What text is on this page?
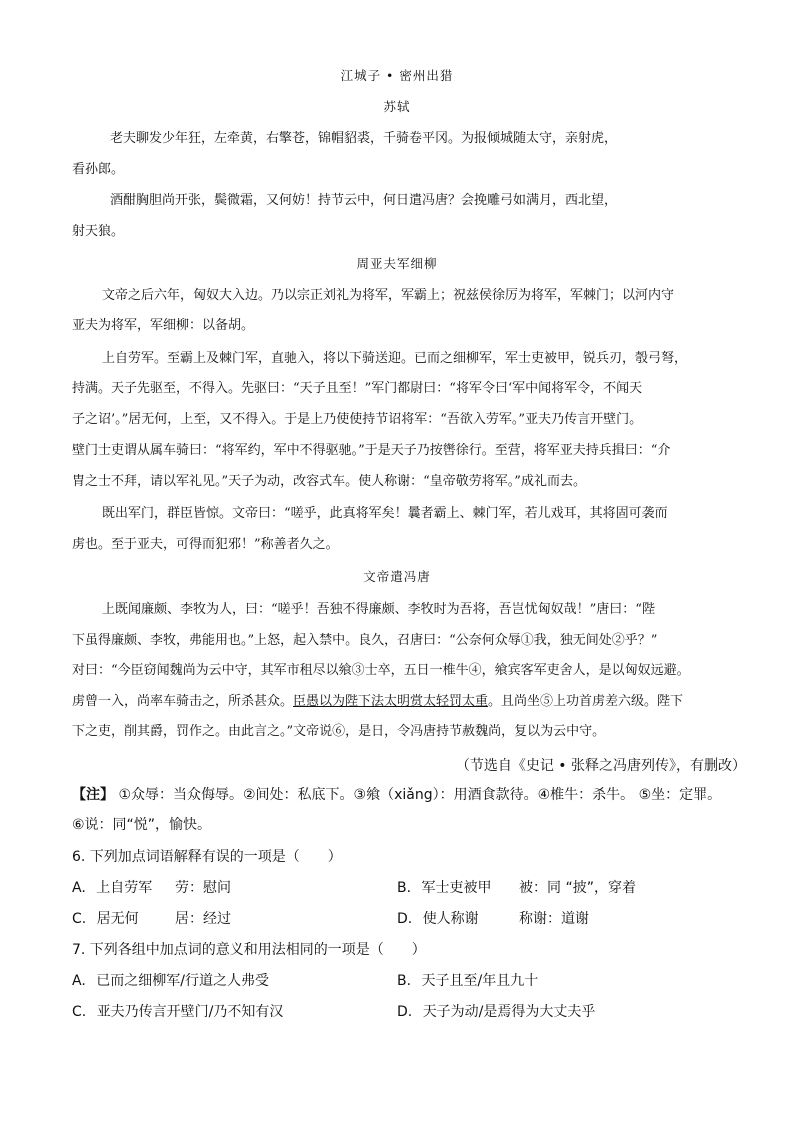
江城子 • 密州出猎
苏轼
老夫聊发少年狂，左牵黄，右擎苍，锦帽貂裘，千骑卷平冈。为报倾城随太守，亲射虎，
看孙郎。
酒酣胸胆尚开张，鬓微霜，又何妨！持节云中，何日遣冯唐？会挽雕弓如满月，西北望，
射天狼。
周亚夫军细柳
文帝之后六年，匈奴大入边。乃以宗正刘礼为将军，军霸上；祝兹侯徐厉为将军，军棘门；以河内守
亚夫为将军，军细柳：以备胡。
上自劳军。至霸上及棘门军，直驰入，将以下骑送迎。已而之细柳军，军士吏被甲，锐兵刃，彀弓弩，
持满。天子先驱至，不得入。先驱曰：“天子且至！”军门都尉曰：“将军令曰‘军中闻将军令，不闻天
子之诏’。”居无何，上至，又不得入。于是上乃使使持节诏将军：“吾欲入劳军。”亚夫乃传言开壁门。
壁门士吏谓从属车骑曰：“将军约，军中不得驱驰。”于是天子乃按辔徐行。至营，将军亚夫持兵揖曰：“介
胄之士不拜，请以军礼见。”天子为动，改容式车。使人称谢：“皇帝敬劳将军。”成礼而去。
既出军门，群臣皆惊。文帝曰：“嗟乎，此真将军矣！曩者霸上、棘门军，若儿戏耳，其将固可袭而
虏也。至于亚夫，可得而犯邪！”称善者久之。
文帝遣冯唐
上既闻廉颇、李牧为人，曰：“嗟乎！吾独不得廉颇、李牧时为吾将，吾岂忧匈奴哉！”唐曰：“陛
下虽得廉颇、李牧，弗能用也。”上怒，起入禁中。良久，召唐曰：“公奈何众辱①我，独无间处②乎？”
对曰：“今臣窃闻魏尚为云中守，其军市租尽以飨③士卒，五日一椎牛④，飨宾客军吏舍人，是以匈奴远避。
虏曾一入，尚率车骑击之，所杀甚众。臣愚以为陛下法太明赏太轻罚太重。且尚坐⑤上功首虏差六级。陛下
下之吏，削其爵，罚作之。由此言之。”文帝说⑥，是日，令冯唐持节赦魏尚，复以为云中守。
（节选自《史记 • 张释之冯唐列传》，有删改）
【注】 ①众辱：当众侮辱。②间处：私底下。③飨（xiǎng）：用酒食款待。④椎牛：杀牛。 ⑤坐：定罪。
⑥说：同“悦”，愉快。
6. 下列加点词语解释有误的一项是（　　）
A. 上自劳军 劳：慰问	B. 军士吏被甲 被：同 “披”，穿着
C. 居无何	居：经过	D. 使人称谢	称谢：道谢
7. 下列各组中加点词的意义和用法相同的一项是（　　）
A. 已而之细柳军/行道之人弗受	B. 天子且至/年且九十
C. 亚夫乃传言开壁门/乃不知有汉	D. 天子为动/是焉得为大丈夫乎
